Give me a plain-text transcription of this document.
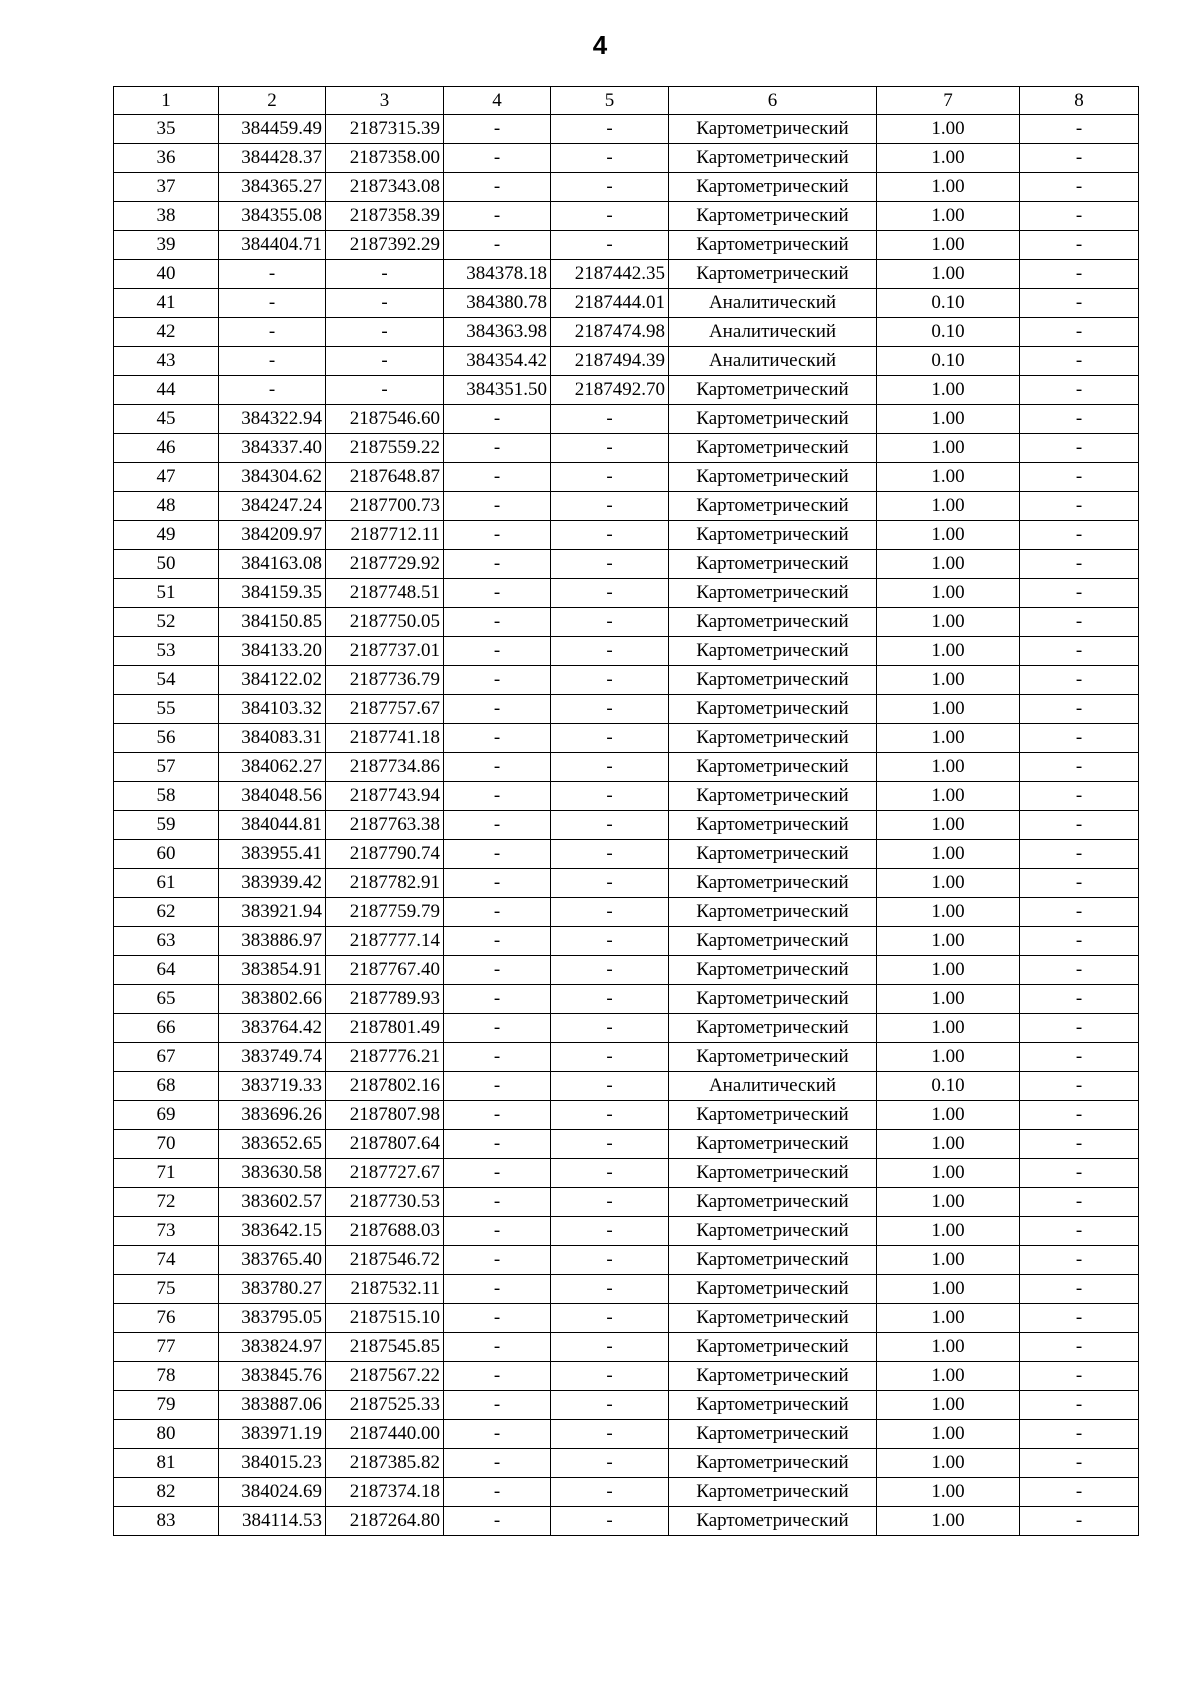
4
1	2	3	4	5	6	7	8
35	384459.49	2187315.39	-	-	Картометрический	1.00	-
36	384428.37	2187358.00	-	-	Картометрический	1.00	-
37	384365.27	2187343.08	-	-	Картометрический	1.00	-
38	384355.08	2187358.39	-	-	Картометрический	1.00	-
39	384404.71	2187392.29	-	-	Картометрический	1.00	-
40	-	-	384378.18	2187442.35	Картометрический	1.00	-
41	-	-	384380.78	2187444.01	Аналитический	0.10	-
42	-	-	384363.98	2187474.98	Аналитический	0.10	-
43	-	-	384354.42	2187494.39	Аналитический	0.10	-
44	-	-	384351.50	2187492.70	Картометрический	1.00	-
45	384322.94	2187546.60	-	-	Картометрический	1.00	-
46	384337.40	2187559.22	-	-	Картометрический	1.00	-
47	384304.62	2187648.87	-	-	Картометрический	1.00	-
48	384247.24	2187700.73	-	-	Картометрический	1.00	-
49	384209.97	2187712.11	-	-	Картометрический	1.00	-
50	384163.08	2187729.92	-	-	Картометрический	1.00	-
51	384159.35	2187748.51	-	-	Картометрический	1.00	-
52	384150.85	2187750.05	-	-	Картометрический	1.00	-
53	384133.20	2187737.01	-	-	Картометрический	1.00	-
54	384122.02	2187736.79	-	-	Картометрический	1.00	-
55	384103.32	2187757.67	-	-	Картометрический	1.00	-
56	384083.31	2187741.18	-	-	Картометрический	1.00	-
57	384062.27	2187734.86	-	-	Картометрический	1.00	-
58	384048.56	2187743.94	-	-	Картометрический	1.00	-
59	384044.81	2187763.38	-	-	Картометрический	1.00	-
60	383955.41	2187790.74	-	-	Картометрический	1.00	-
61	383939.42	2187782.91	-	-	Картометрический	1.00	-
62	383921.94	2187759.79	-	-	Картометрический	1.00	-
63	383886.97	2187777.14	-	-	Картометрический	1.00	-
64	383854.91	2187767.40	-	-	Картометрический	1.00	-
65	383802.66	2187789.93	-	-	Картометрический	1.00	-
66	383764.42	2187801.49	-	-	Картометрический	1.00	-
67	383749.74	2187776.21	-	-	Картометрический	1.00	-
68	383719.33	2187802.16	-	-	Аналитический	0.10	-
69	383696.26	2187807.98	-	-	Картометрический	1.00	-
70	383652.65	2187807.64	-	-	Картометрический	1.00	-
71	383630.58	2187727.67	-	-	Картометрический	1.00	-
72	383602.57	2187730.53	-	-	Картометрический	1.00	-
73	383642.15	2187688.03	-	-	Картометрический	1.00	-
74	383765.40	2187546.72	-	-	Картометрический	1.00	-
75	383780.27	2187532.11	-	-	Картометрический	1.00	-
76	383795.05	2187515.10	-	-	Картометрический	1.00	-
77	383824.97	2187545.85	-	-	Картометрический	1.00	-
78	383845.76	2187567.22	-	-	Картометрический	1.00	-
79	383887.06	2187525.33	-	-	Картометрический	1.00	-
80	383971.19	2187440.00	-	-	Картометрический	1.00	-
81	384015.23	2187385.82	-	-	Картометрический	1.00	-
82	384024.69	2187374.18	-	-	Картометрический	1.00	-
83	384114.53	2187264.80	-	-	Картометрический	1.00	-
